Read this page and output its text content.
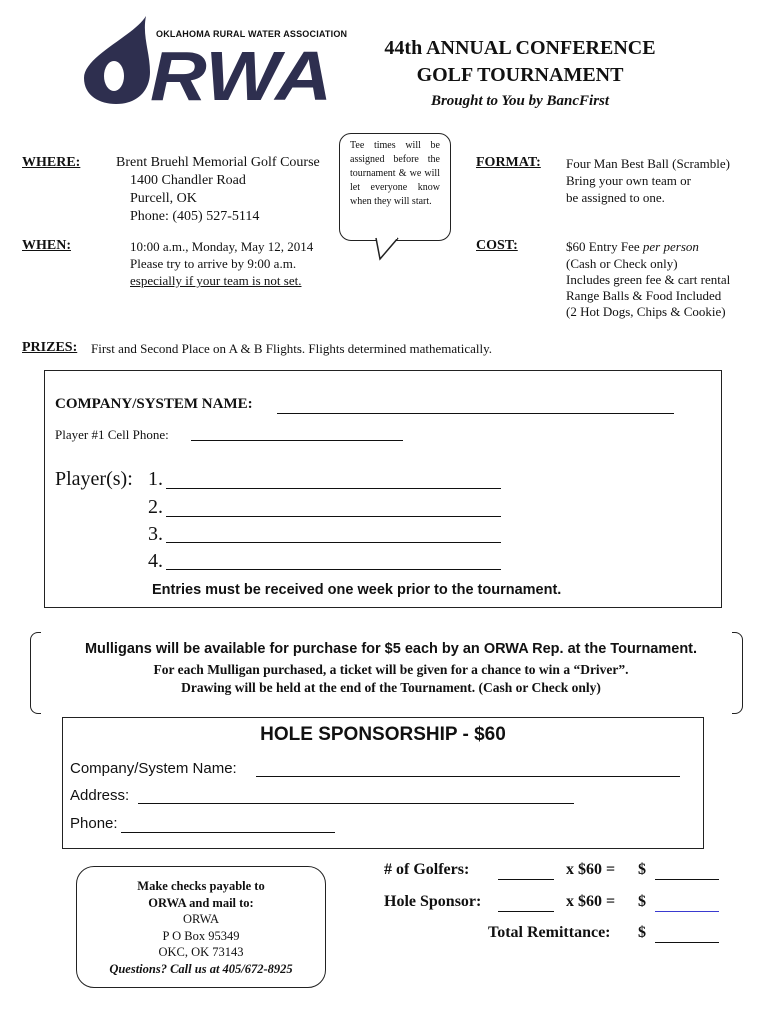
RWA
OKLAHOMA RURAL WATER ASSOCIATION
44th ANNUAL CONFERENCE
GOLF TOURNAMENT
Brought to You by BancFirst
Tee times will be assigned before the tournament & we will let everyone know when they will start.
WHERE:	Brent Bruehl Memorial Golf Course
1400 Chandler Road
Purcell, OK
Phone: (405) 527-5114
WHEN:	10:00 a.m., Monday, May 12, 2014
Please try to arrive by 9:00 a.m.
especially if your team is not set.
FORMAT: Four Man Best Ball (Scramble)
Bring your own team or
be assigned to one.
COST:	$60 Entry Fee per person
(Cash or Check only)
Includes green fee & cart rental
Range Balls & Food Included
(2 Hot Dogs, Chips & Cookie)
PRIZES: First and Second Place on A & B Flights. Flights determined mathematically.
COMPANY/SYSTEM NAME:
Player #1 Cell Phone:
Player(s): 1.
2.
3.
4.
Entries must be received one week prior to the tournament.
Mulligans will be available for purchase for $5 each by an ORWA Rep. at the Tournament.
For each Mulligan purchased, a ticket will be given for a chance to win a “Driver”.
Drawing will be held at the end of the Tournament. (Cash or Check only)
HOLE SPONSORSHIP - $60
Company/System Name:
Address:
Phone:
Make checks payable to
ORWA and mail to:
ORWA
P O Box 95349
OKC, OK 73143
Questions? Call us at 405/672-8925
# of Golfers:	x $60 = $
Hole Sponsor:	x $60 = $
Total Remittance: $
